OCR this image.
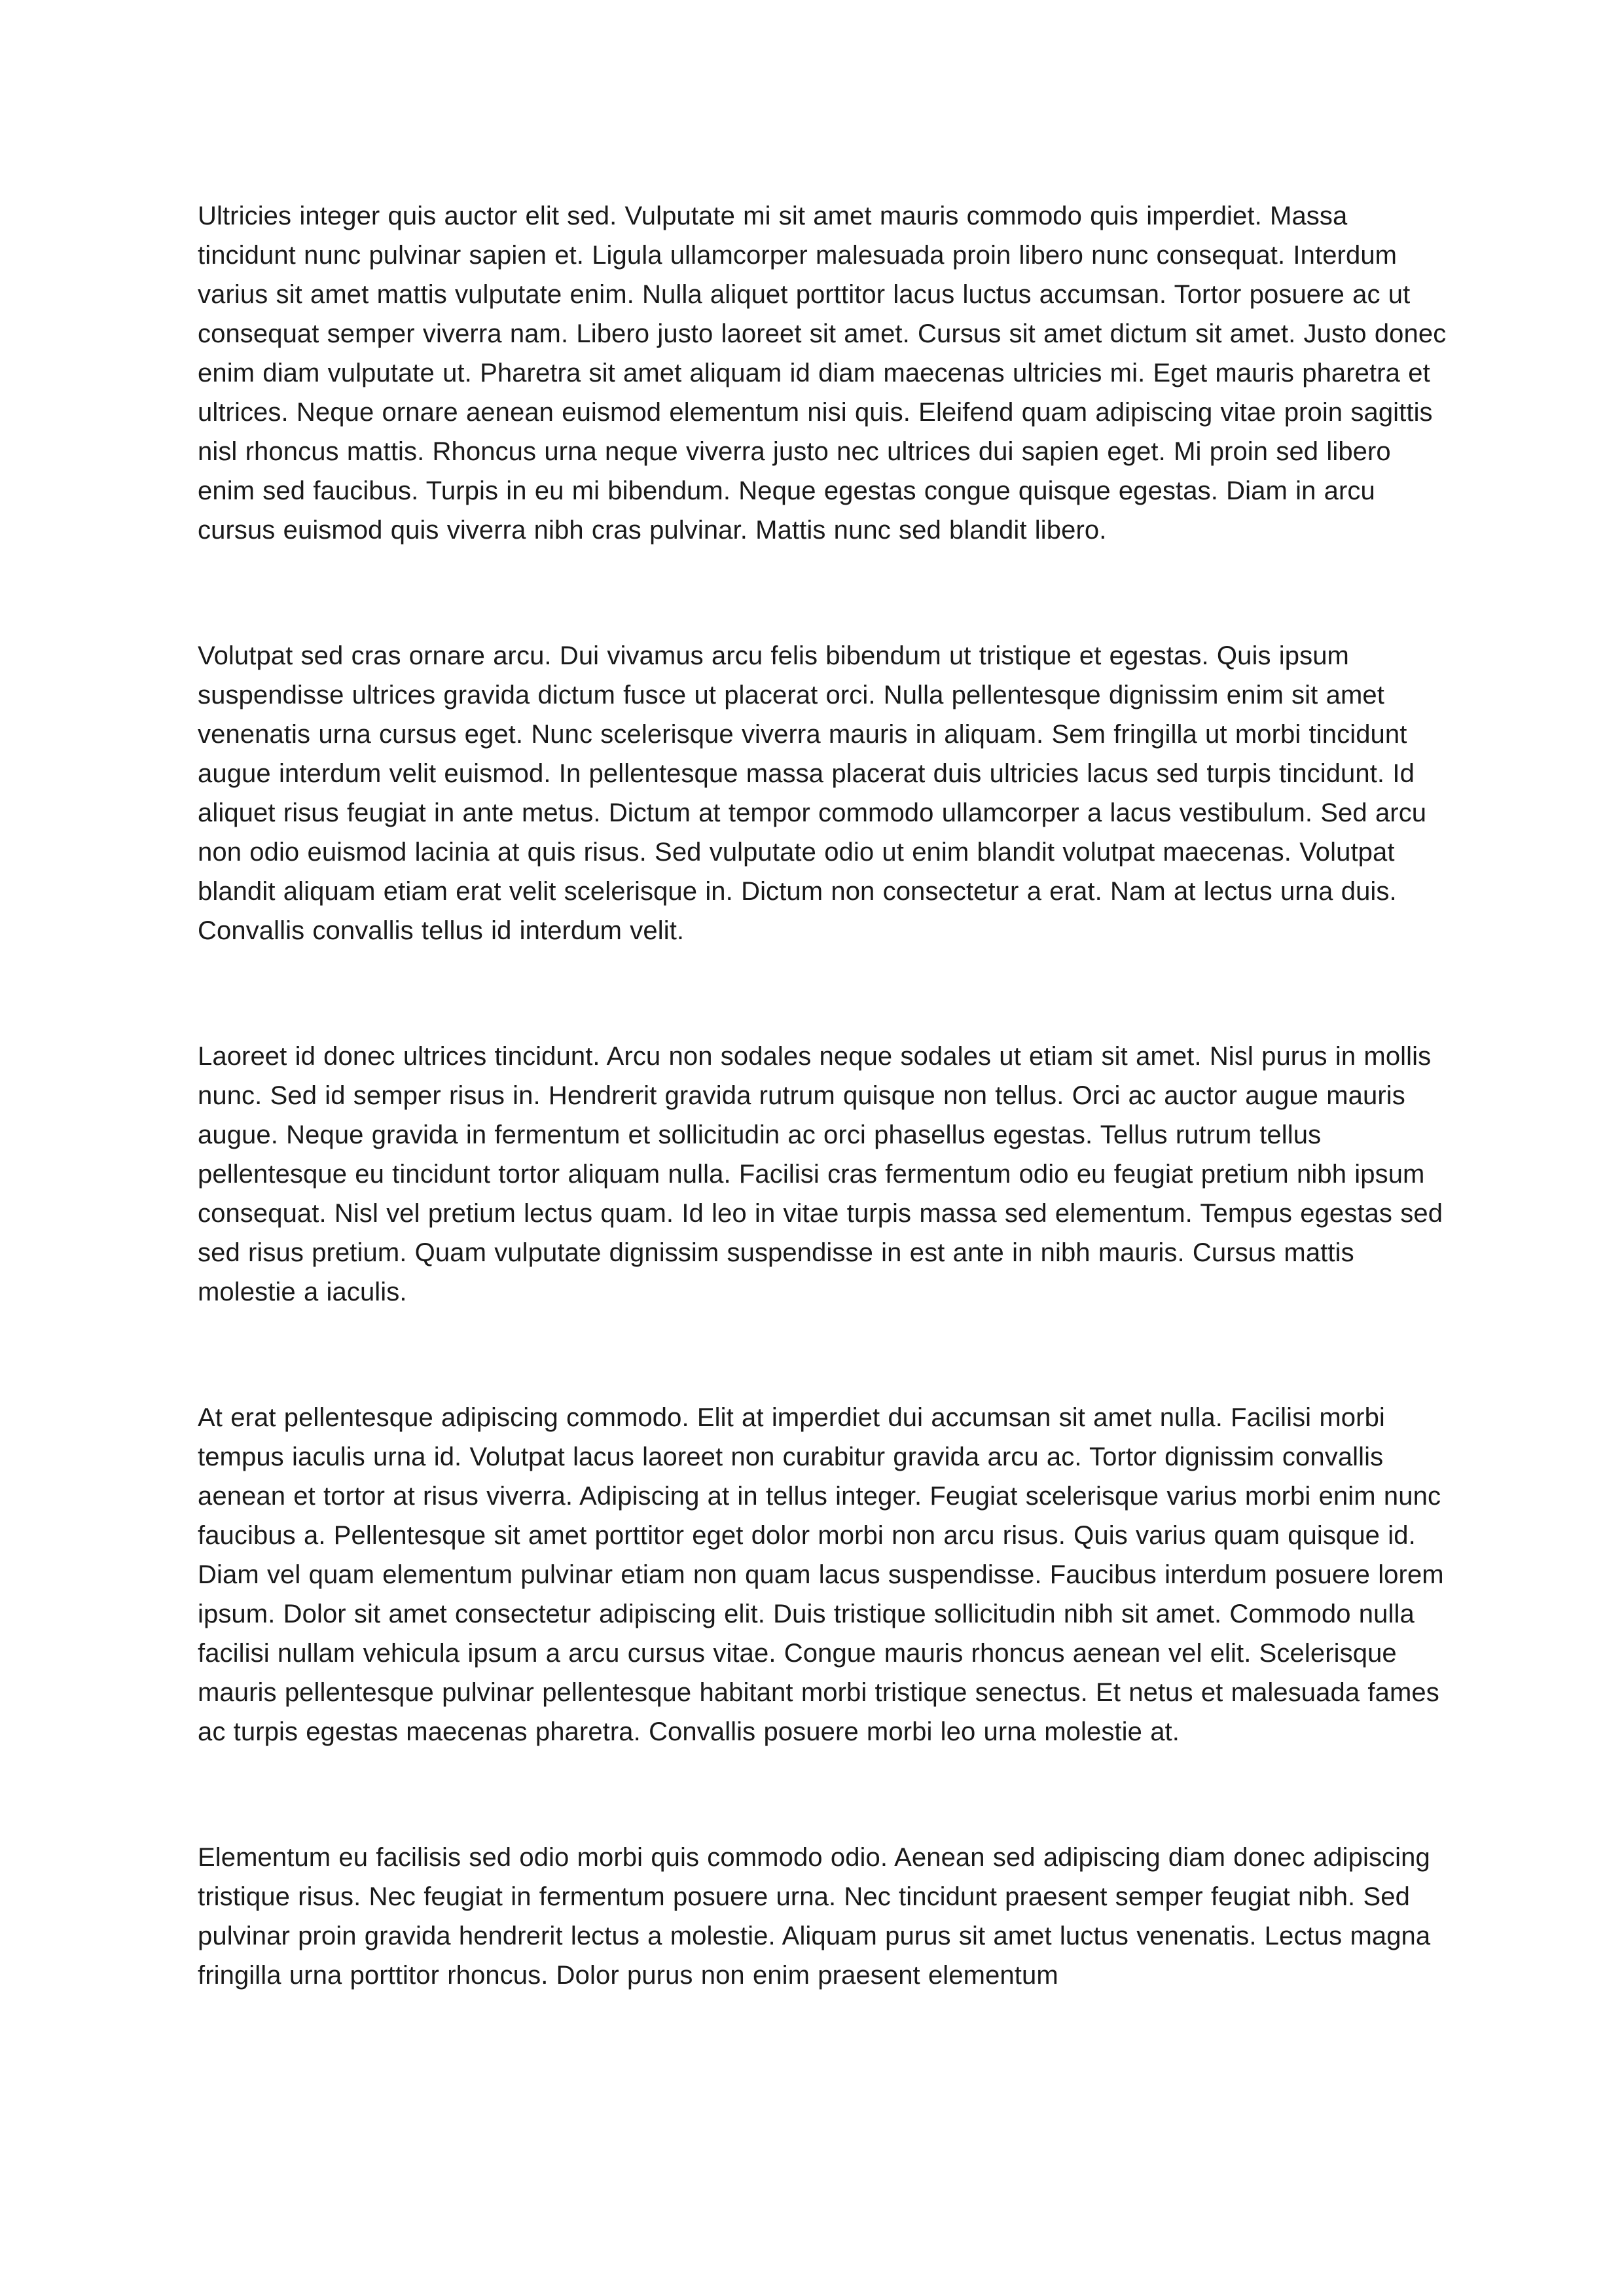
Ultricies integer quis auctor elit sed. Vulputate mi sit amet mauris commodo quis imperdiet. Massa tincidunt nunc pulvinar sapien et. Ligula ullamcorper malesuada proin libero nunc consequat. Interdum varius sit amet mattis vulputate enim. Nulla aliquet porttitor lacus luctus accumsan. Tortor posuere ac ut consequat semper viverra nam. Libero justo laoreet sit amet. Cursus sit amet dictum sit amet. Justo donec enim diam vulputate ut. Pharetra sit amet aliquam id diam maecenas ultricies mi. Eget mauris pharetra et ultrices. Neque ornare aenean euismod elementum nisi quis. Eleifend quam adipiscing vitae proin sagittis nisl rhoncus mattis. Rhoncus urna neque viverra justo nec ultrices dui sapien eget. Mi proin sed libero enim sed faucibus. Turpis in eu mi bibendum. Neque egestas congue quisque egestas. Diam in arcu cursus euismod quis viverra nibh cras pulvinar. Mattis nunc sed blandit libero.

Volutpat sed cras ornare arcu. Dui vivamus arcu felis bibendum ut tristique et egestas. Quis ipsum suspendisse ultrices gravida dictum fusce ut placerat orci. Nulla pellentesque dignissim enim sit amet venenatis urna cursus eget. Nunc scelerisque viverra mauris in aliquam. Sem fringilla ut morbi tincidunt augue interdum velit euismod. In pellentesque massa placerat duis ultricies lacus sed turpis tincidunt. Id aliquet risus feugiat in ante metus. Dictum at tempor commodo ullamcorper a lacus vestibulum. Sed arcu non odio euismod lacinia at quis risus. Sed vulputate odio ut enim blandit volutpat maecenas. Volutpat blandit aliquam etiam erat velit scelerisque in. Dictum non consectetur a erat. Nam at lectus urna duis. Convallis convallis tellus id interdum velit.

Laoreet id donec ultrices tincidunt. Arcu non sodales neque sodales ut etiam sit amet. Nisl purus in mollis nunc. Sed id semper risus in. Hendrerit gravida rutrum quisque non tellus. Orci ac auctor augue mauris augue. Neque gravida in fermentum et sollicitudin ac orci phasellus egestas. Tellus rutrum tellus pellentesque eu tincidunt tortor aliquam nulla. Facilisi cras fermentum odio eu feugiat pretium nibh ipsum consequat. Nisl vel pretium lectus quam. Id leo in vitae turpis massa sed elementum. Tempus egestas sed sed risus pretium. Quam vulputate dignissim suspendisse in est ante in nibh mauris. Cursus mattis molestie a iaculis.

At erat pellentesque adipiscing commodo. Elit at imperdiet dui accumsan sit amet nulla. Facilisi morbi tempus iaculis urna id. Volutpat lacus laoreet non curabitur gravida arcu ac. Tortor dignissim convallis aenean et tortor at risus viverra. Adipiscing at in tellus integer. Feugiat scelerisque varius morbi enim nunc faucibus a. Pellentesque sit amet porttitor eget dolor morbi non arcu risus. Quis varius quam quisque id. Diam vel quam elementum pulvinar etiam non quam lacus suspendisse. Faucibus interdum posuere lorem ipsum. Dolor sit amet consectetur adipiscing elit. Duis tristique sollicitudin nibh sit amet. Commodo nulla facilisi nullam vehicula ipsum a arcu cursus vitae. Congue mauris rhoncus aenean vel elit. Scelerisque mauris pellentesque pulvinar pellentesque habitant morbi tristique senectus. Et netus et malesuada fames ac turpis egestas maecenas pharetra. Convallis posuere morbi leo urna molestie at.

Elementum eu facilisis sed odio morbi quis commodo odio. Aenean sed adipiscing diam donec adipiscing tristique risus. Nec feugiat in fermentum posuere urna. Nec tincidunt praesent semper feugiat nibh. Sed pulvinar proin gravida hendrerit lectus a molestie. Aliquam purus sit amet luctus venenatis. Lectus magna fringilla urna porttitor rhoncus. Dolor purus non enim praesent elementum
